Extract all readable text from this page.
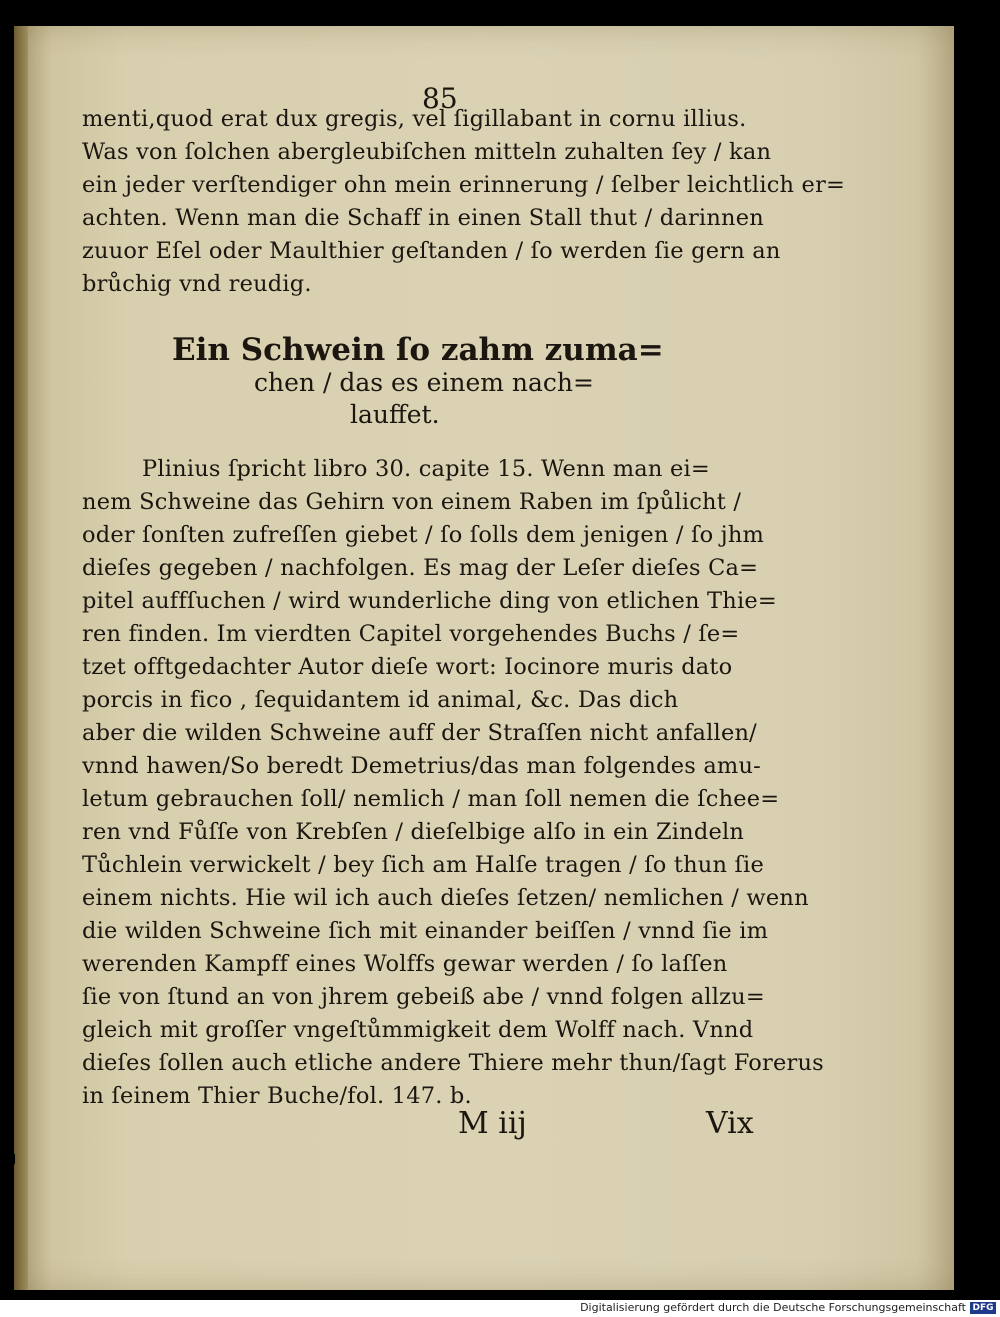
85
menti,quod erat dux gregis, vel ſigillabant in cornu illius.
Was von ſolchen abergleubiſchen mitteln zuhalten ſey / kan
ein jeder verſtendiger ohn mein erinnerung / ſelber leichtlich er=
achten. Wenn man die Schaff in einen Stall thut / darinnen
zuuor Eſel oder Maulthier geſtanden / ſo werden ſie gern an
brůchig vnd reudig.
Ein Schwein ſo zahm zuma=
chen / das es einem nach=
lauffet.
Plinius ſpricht libro 30. capite 15. Wenn man ei=
nem Schweine das Gehirn von einem Raben im ſpůlicht /
oder ſonſten zufreſſen giebet / ſo ſolls dem jenigen / ſo jhm
dieſes gegeben / nachfolgen. Es mag der Leſer dieſes Ca=
pitel auffſuchen / wird wunderliche ding von etlichen Thie=
ren finden. Im vierdten Capitel vorgehendes Buchs / ſe=
tzet offtgedachter Autor dieſe wort: Iocinore muris dato
porcis in fico , ſequidantem id animal, &c. Das dich
aber die wilden Schweine auff der Straſſen nicht anfallen/
vnnd hawen/So beredt Demetrius/das man folgendes amu-
letum gebrauchen ſoll/ nemlich / man ſoll nemen die ſchee=
ren vnd Fůſſe von Krebſen / dieſelbige alſo in ein Zindeln
Tůchlein verwickelt / bey ſich am Halſe tragen / ſo thun ſie
einem nichts. Hie wil ich auch dieſes ſetzen/ nemlichen / wenn
die wilden Schweine ſich mit einander beiſſen / vnnd ſie im
werenden Kampff eines Wolffs gewar werden / ſo laſſen
ſie von ſtund an von jhrem gebeiß abe / vnnd folgen allzu=
gleich mit groſſer vngeſtůmmigkeit dem Wolff nach. Vnnd
dieſes ſollen auch etliche andere Thiere mehr thun/ſagt Forerus
in ſeinem Thier Buche/fol. 147. b.
M iij	Vix
Digitalisierung gefördert durch die Deutsche Forschungsgemeinschaft DFG
